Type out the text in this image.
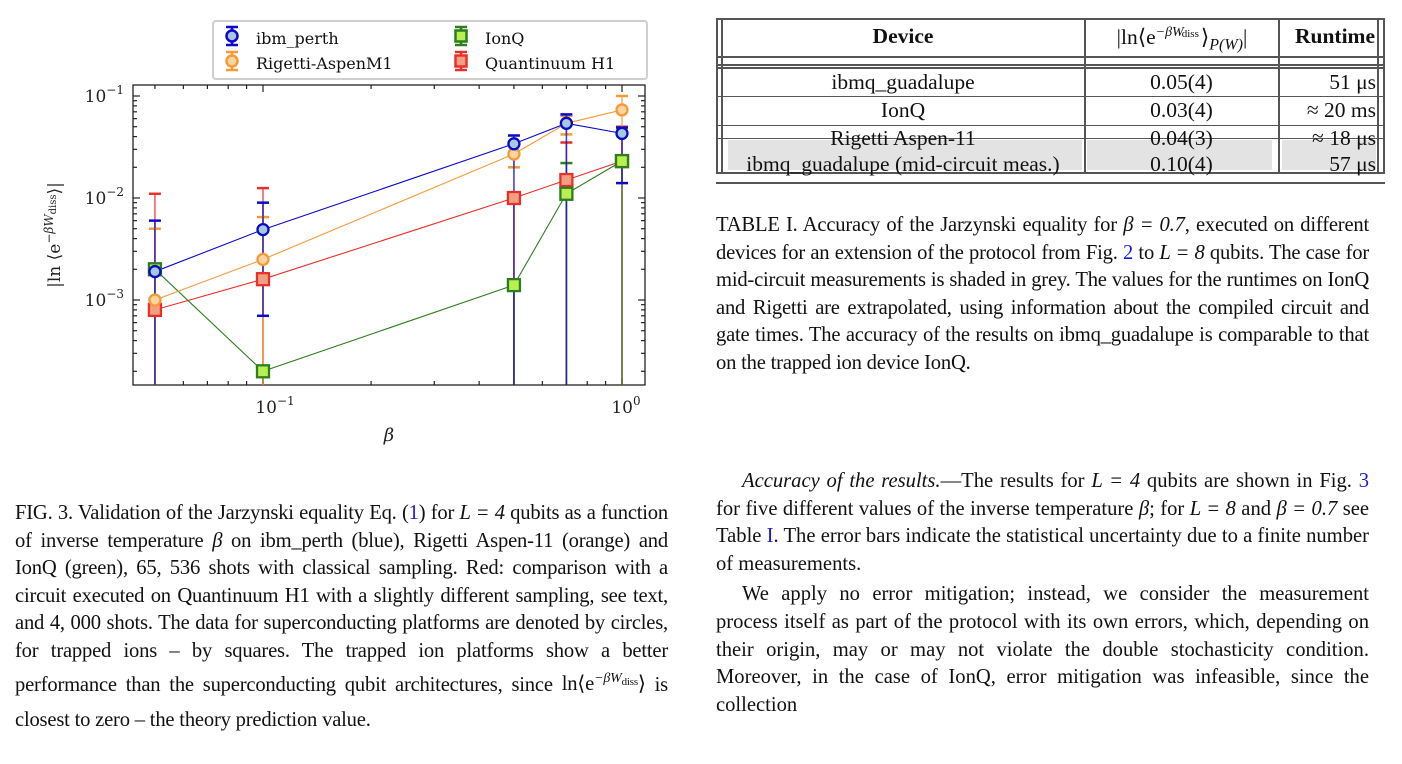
$10^{-1}$
$10^{-2}$
$10^{-3}$
$10^{-1}$	$10^0$
β
|ln $⟨e^{-\beta W}diss⟩|$
ibm_perth
Rigetti-AspenM1
IonQ
Quantinuum H1
Device	$|\ln⟨e^{-\beta W}_{diss}⟩_{P(W)}|$	Runtime
ibmq_guadalupe	0.05(4)	51 μs
IonQ	0.03(4)	≈ 20 ms
Rigetti Aspen-11	0.04(3)	≈ 18 μs
ibmq_guadalupe (mid-circuit meas.)	0.10(4)	57 μs
TABLE I. Accuracy of the Jarzynski equality for β = 0.7, executed on different devices for an extension of the protocol from Fig. 2 to L = 8 qubits. The case for mid-circuit measurements is shaded in grey. The values for the runtimes on IonQ and Rigetti are extrapolated, using information about the compiled circuit and gate times. The accuracy of the results on ibmq_guadalupe is comparable to that on the trapped ion device IonQ.
FIG. 3. Validation of the Jarzynski equality Eq. (1) for L = 4 qubits as a function of inverse temperature β on ibm_perth (blue), Rigetti Aspen-11 (orange) and IonQ (green), 65, 536 shots with classical sampling. Red: comparison with a circuit executed on Quantinuum H1 with a slightly different sampling, see text, and 4, 000 shots. The data for superconducting platforms are denoted by circles, for trapped ions – by squares. The trapped ion platforms show a better performance than the superconducting qubit architectures, since $\ln⟨e^{-\beta W}_{diss}⟩$ is closest to zero – the theory prediction value.

Accuracy of the results.—The results for L = 4 qubits are shown in Fig. 3 for five different values of the inverse temperature β; for L = 8 and β = 0.7 see Table I. The error bars indicate the statistical uncertainty due to a finite number of measurements.

We apply no error mitigation; instead, we consider the measurement process itself as part of the protocol with its own errors, which, depending on their origin, may or may not violate the double stochasticity condition. Moreover, in the case of IonQ, error mitigation was infeasible, since the collection
